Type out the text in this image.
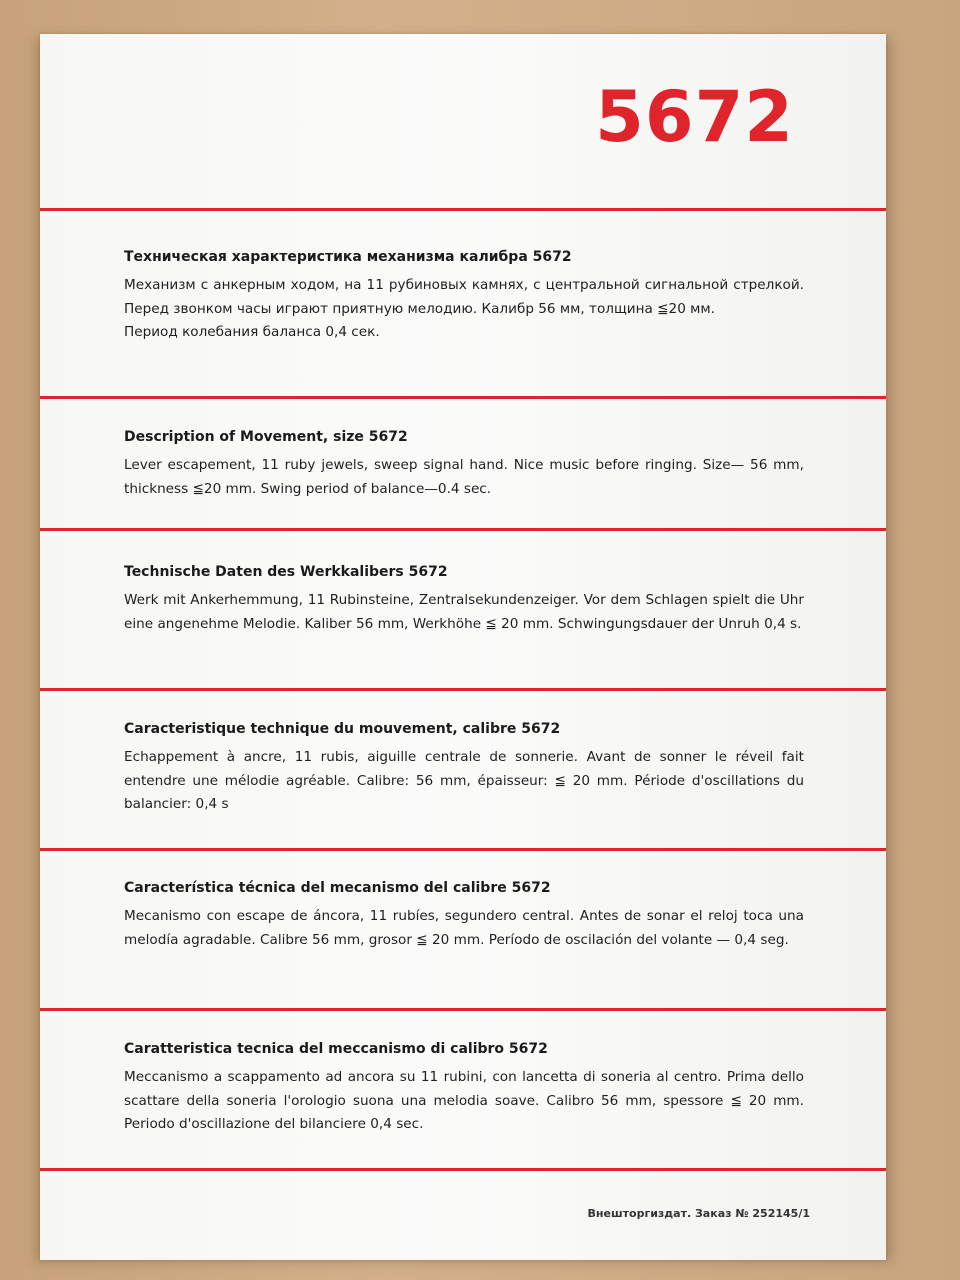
5672
Техническая характеристика механизма калибра 5672

Механизм с анкерным ходом, на 11 рубиновых камнях, с центральной сигнальной стрелкой. Перед звонком часы играют приятную мелодию. Калибр 56 мм, толщина ≦20 мм.
Период колебания баланса 0,4 сек.

Description of Movement, size 5672

Lever escapement, 11 ruby jewels, sweep signal hand. Nice music before ringing. Size— 56 mm, thickness ≦20 mm. Swing period of balance—0.4 sec.

Technische Daten des Werkkalibers 5672

Werk mit Ankerhemmung, 11 Rubinsteine, Zentralsekundenzeiger. Vor dem Schlagen spielt die Uhr eine angenehme Melodie. Kaliber 56 mm, Werkhöhe ≦ 20 mm. Schwingungsdauer der Unruh 0,4 s.

Caracteristique technique du mouvement, calibre 5672

Echappement à ancre, 11 rubis, aiguille centrale de sonnerie. Avant de sonner le réveil fait entendre une mélodie agréable. Calibre: 56 mm, épaisseur: ≦ 20 mm. Période d'oscillations du balancier: 0,4 s

Característica técnica del mecanismo del calibre 5672

Mecanismo con escape de áncora, 11 rubíes, segundero central. Antes de sonar el reloj toca una melodía agradable. Calibre 56 mm, grosor ≦ 20 mm. Período de oscilación del volante — 0,4 seg.

Caratteristica tecnica del meccanismo di calibro 5672

Meccanismo a scappamento ad ancora su 11 rubini, con lancetta di soneria al centro. Prima dello scattare della soneria l'orologio suona una melodia soave. Calibro 56 mm, spessore ≦ 20 mm. Periodo d'oscillazione del bilanciere 0,4 sec.

Внешторгиздат. Заказ № 252145/1
